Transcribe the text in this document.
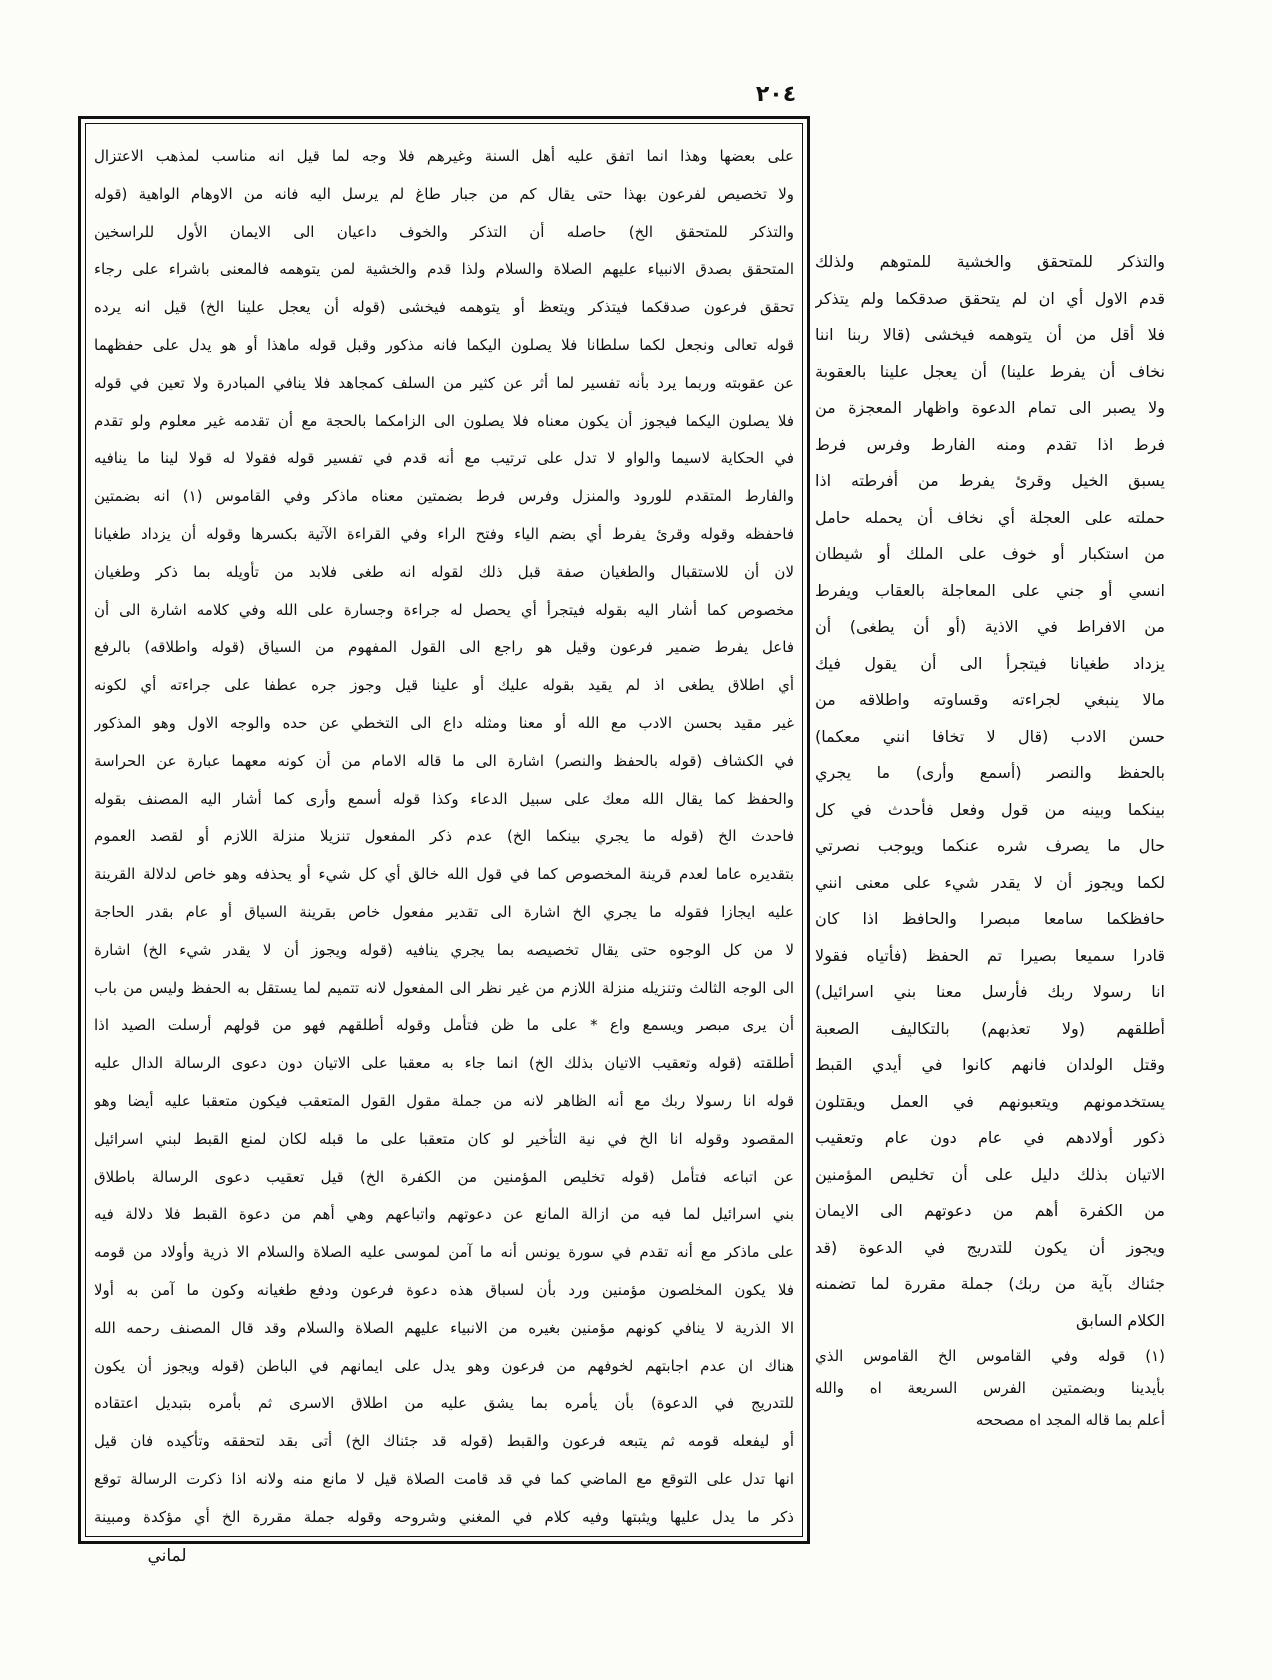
٢٠٤
على بعضها وهذا انما اتفق عليه أهل السنة وغيرهم فلا وجه لما قيل انه مناسب لمذهب الاعتزال
ولا تخصيص لفرعون بهذا حتى يقال كم من جبار طاغ لم يرسل اليه فانه من الاوهام الواهية (قوله
والتذكر للمتحقق الخ) حاصله أن التذكر والخوف داعيان الى الايمان الأول للراسخين
المتحقق بصدق الانبياء عليهم الصلاة والسلام ولذا قدم والخشية لمن يتوهمه فالمعنى باشراء على رجاء
تحقق فرعون صدقكما فيتذكر ويتعظ أو يتوهمه فيخشى (قوله أن يعجل علينا الخ) قيل انه يرده
قوله تعالى ونجعل لكما سلطانا فلا يصلون اليكما فانه مذكور وقبل قوله ماهذا أو هو يدل على حفظهما
عن عقوبته وربما يرد بأنه تفسير لما أثر عن كثير من السلف كمجاهد فلا ينافي المبادرة ولا تعين في قوله
فلا يصلون اليكما فيجوز أن يكون معناه فلا يصلون الى الزامكما بالحجة مع أن تقدمه غير معلوم ولو تقدم
في الحكاية لاسيما والواو لا تدل على ترتيب مع أنه قدم في تفسير قوله فقولا له قولا لينا ما ينافيه
والفارط المتقدم للورود والمنزل وفرس فرط بضمتين معناه ماذكر وفي القاموس (١) انه بضمتين
فاحفظه وقوله وقرئ يفرط أي بضم الياء وفتح الراء وفي القراءة الآتية بكسرها وقوله أن يزداد طغيانا
لان أن للاستقبال والطغيان صفة قبل ذلك لقوله انه طغى فلابد من تأويله بما ذكر وطغيان
مخصوص كما أشار اليه بقوله فيتجرأ أي يحصل له جراءة وجسارة على الله وفي كلامه اشارة الى أن
فاعل يفرط ضمير فرعون وقيل هو راجع الى القول المفهوم من السياق (قوله واطلاقه) بالرفع
أي اطلاق يطغى اذ لم يقيد بقوله عليك أو علينا قيل وجوز جره عطفا على جراءته أي لكونه
غير مقيد بحسن الادب مع الله أو معنا ومثله داع الى التخطي عن حده والوجه الاول وهو المذكور
في الكشاف (قوله بالحفظ والنصر) اشارة الى ما قاله الامام من أن كونه معهما عبارة عن الحراسة
والحفظ كما يقال الله معك على سبيل الدعاء وكذا قوله أسمع وأرى كما أشار اليه المصنف بقوله
فاحدث الخ (قوله ما يجري بينكما الخ) عدم ذكر المفعول تنزيلا منزلة اللازم أو لقصد العموم
بتقديره عاما لعدم قرينة المخصوص كما في قول الله خالق أي كل شيء أو يحذفه وهو خاص لدلالة القرينة
عليه ايجازا فقوله ما يجري الخ اشارة الى تقدير مفعول خاص بقرينة السياق أو عام بقدر الحاجة
لا من كل الوجوه حتى يقال تخصيصه بما يجري ينافيه (قوله ويجوز أن لا يقدر شيء الخ) اشارة
الى الوجه الثالث وتنزيله منزلة اللازم من غير نظر الى المفعول لانه تتميم لما يستقل به الحفظ وليس من باب
أن يرى مبصر ويسمع واع * على ما ظن فتأمل وقوله أطلقهم فهو من قولهم أرسلت الصيد اذا
أطلقته (قوله وتعقيب الاتيان بذلك الخ) انما جاء به معقبا على الاتيان دون دعوى الرسالة الدال عليه
قوله انا رسولا ربك مع أنه الظاهر لانه من جملة مقول القول المتعقب فيكون متعقبا عليه أيضا وهو
المقصود وقوله انا الخ في نية التأخير لو كان متعقبا على ما قبله لكان لمنع القبط لبني اسرائيل
عن اتباعه فتأمل (قوله تخليص المؤمنين من الكفرة الخ) قيل تعقيب دعوى الرسالة باطلاق
بني اسرائيل لما فيه من ازالة المانع عن دعوتهم واتباعهم وهي أهم من دعوة القبط فلا دلالة فيه
على ماذكر مع أنه تقدم في سورة يونس أنه ما آمن لموسى عليه الصلاة والسلام الا ذرية وأولاد من قومه
فلا يكون المخلصون مؤمنين ورد بأن لسباق هذه دعوة فرعون ودفع طغيانه وكون ما آمن به أولا
الا الذرية لا ينافي كونهم مؤمنين بغيره من الانبياء عليهم الصلاة والسلام وقد قال المصنف رحمه الله
هناك ان عدم اجابتهم لخوفهم من فرعون وهو يدل على ايمانهم في الباطن (قوله ويجوز أن يكون
للتدريج في الدعوة) بأن يأمره بما يشق عليه من اطلاق الاسرى ثم بأمره بتبديل اعتقاده
أو ليفعله قومه ثم يتبعه فرعون والقبط (قوله قد جئناك الخ) أتى بقد لتحققه وتأكيده فان قيل
انها تدل على التوقع مع الماضي كما في قد قامت الصلاة قيل لا مانع منه ولانه اذا ذكرت الرسالة توقع
ذكر ما يدل عليها ويثبتها وفيه كلام في المغني وشروحه وقوله جملة مقررة الخ أي مؤكدة ومبينة
والتذكر للمتحقق والخشية للمتوهم ولذلك
قدم الاول أي ان لم يتحقق صدقكما ولم يتذكر
فلا أقل من أن يتوهمه فيخشى (قالا ربنا اننا
نخاف أن يفرط علينا) أن يعجل علينا بالعقوبة
ولا يصبر الى تمام الدعوة واظهار المعجزة من
فرط اذا تقدم ومنه الفارط وفرس فرط
يسبق الخيل وقرئ يفرط من أفرطته اذا
حملته على العجلة أي نخاف أن يحمله حامل
من استكبار أو خوف على الملك أو شيطان
انسي أو جني على المعاجلة بالعقاب ويفرط
من الافراط في الاذية (أو أن يطغى) أن
يزداد طغيانا فيتجرأ الى أن يقول فيك
مالا ينبغي لجراءته وقساوته واطلاقه من
حسن الادب (قال لا تخافا انني معكما)
بالحفظ والنصر (أسمع وأرى) ما يجري
بينكما وبينه من قول وفعل فأحدث في كل
حال ما يصرف شره عنكما ويوجب نصرتي
لكما ويجوز أن لا يقدر شيء على معنى انني
حافظكما سامعا مبصرا والحافظ اذا كان
قادرا سميعا بصيرا تم الحفظ (فأتياه فقولا
انا رسولا ربك فأرسل معنا بني اسرائيل)
أطلقهم (ولا تعذبهم) بالتكاليف الصعبة
وقتل الولدان فانهم كانوا في أيدي القبط
يستخدمونهم ويتعبونهم في العمل ويقتلون
ذكور أولادهم في عام دون عام وتعقيب
الاتيان بذلك دليل على أن تخليص المؤمنين
من الكفرة أهم من دعوتهم الى الايمان
ويجوز أن يكون للتدريج في الدعوة (قد
جئناك بآية من ربك) جملة مقررة لما تضمنه
الكلام السابق
(١) قوله وفي القاموس الخ القاموس الذي
بأيدينا وبضمتين الفرس السريعة اه والله
أعلم بما قاله المجد اه مصححه
لماني
